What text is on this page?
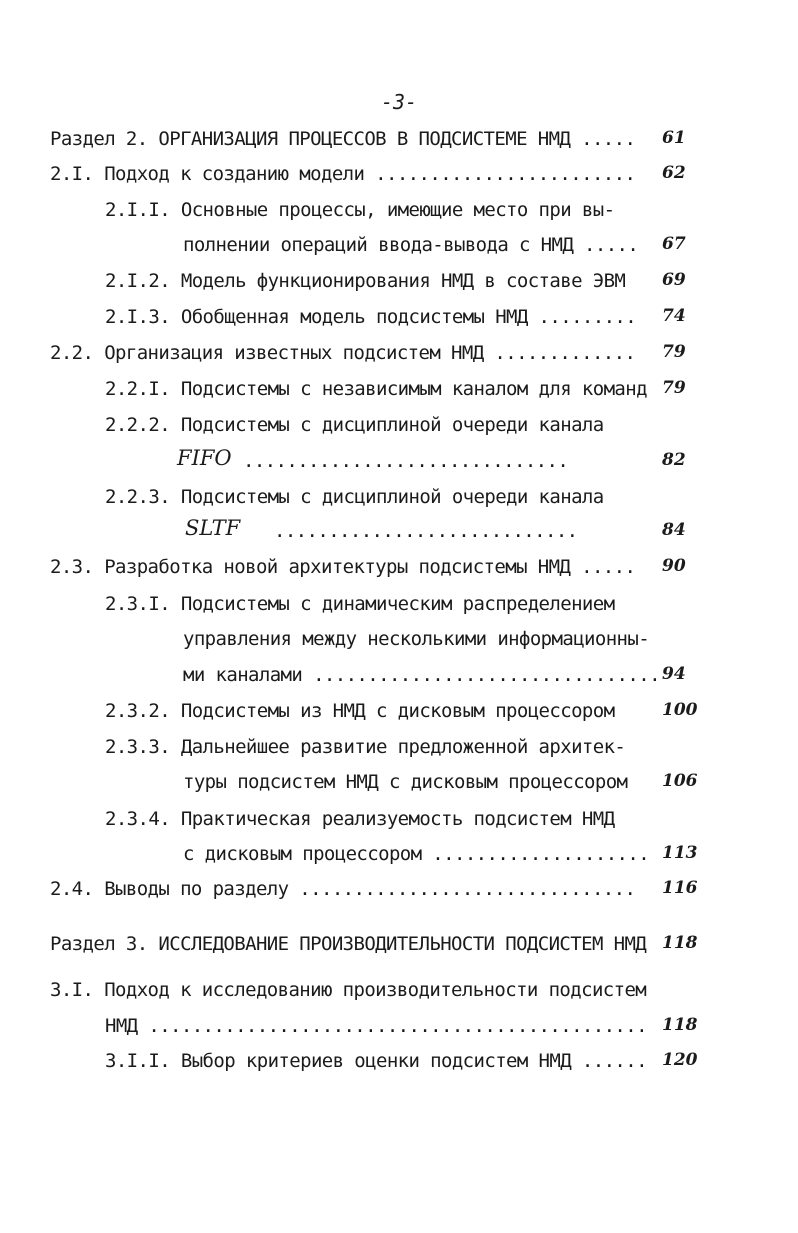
-3-
Раздел 2. ОРГАНИЗАЦИЯ ПРОЦЕССОВ В ПОДСИСТЕМЕ НМД ..... 61
2.I. Подход к созданию модели ........................ 62
2.I.I. Основные процессы, имеющие место при вы-
полнении операций ввода-вывода с НМД ..... 67
2.I.2. Модель функционирования НМД в составе ЭВМ 69
2.I.3. Обобщенная модель подсистемы НМД ......... 74
2.2. Организация известных подсистем НМД ............. 79
2.2.I. Подсистемы с независимым каналом для команд 79
2.2.2. Подсистемы с дисциплиной очереди канала
FIFO ..............................	82
2.2.3. Подсистемы с дисциплиной очереди канала
SLTF ............................	84
2.3. Разработка новой архитектуры подсистемы НМД ..... 90
2.3.I. Подсистемы с динамическим распределением
управления между несколькими информационны-
ми каналами ................................ 94
2.3.2. Подсистемы из НМД с дисковым процессором	100
2.3.3. Дальнейшее развитие предложенной архитек-
туры подсистем НМД с дисковым процессором 106
2.3.4. Практическая реализуемость подсистем НМД
с дисковым процессором .................... 113
2.4. Выводы по разделу ............................... 116
Раздел 3. ИССЛЕДОВАНИЕ ПРОИЗВОДИТЕЛЬНОСТИ ПОДСИСТЕМ НМД 118
3.I. Подход к исследованию производительности подсистем
НМД .............................................. 118
3.I.I. Выбор критериев оценки подсистем НМД ...... 120
